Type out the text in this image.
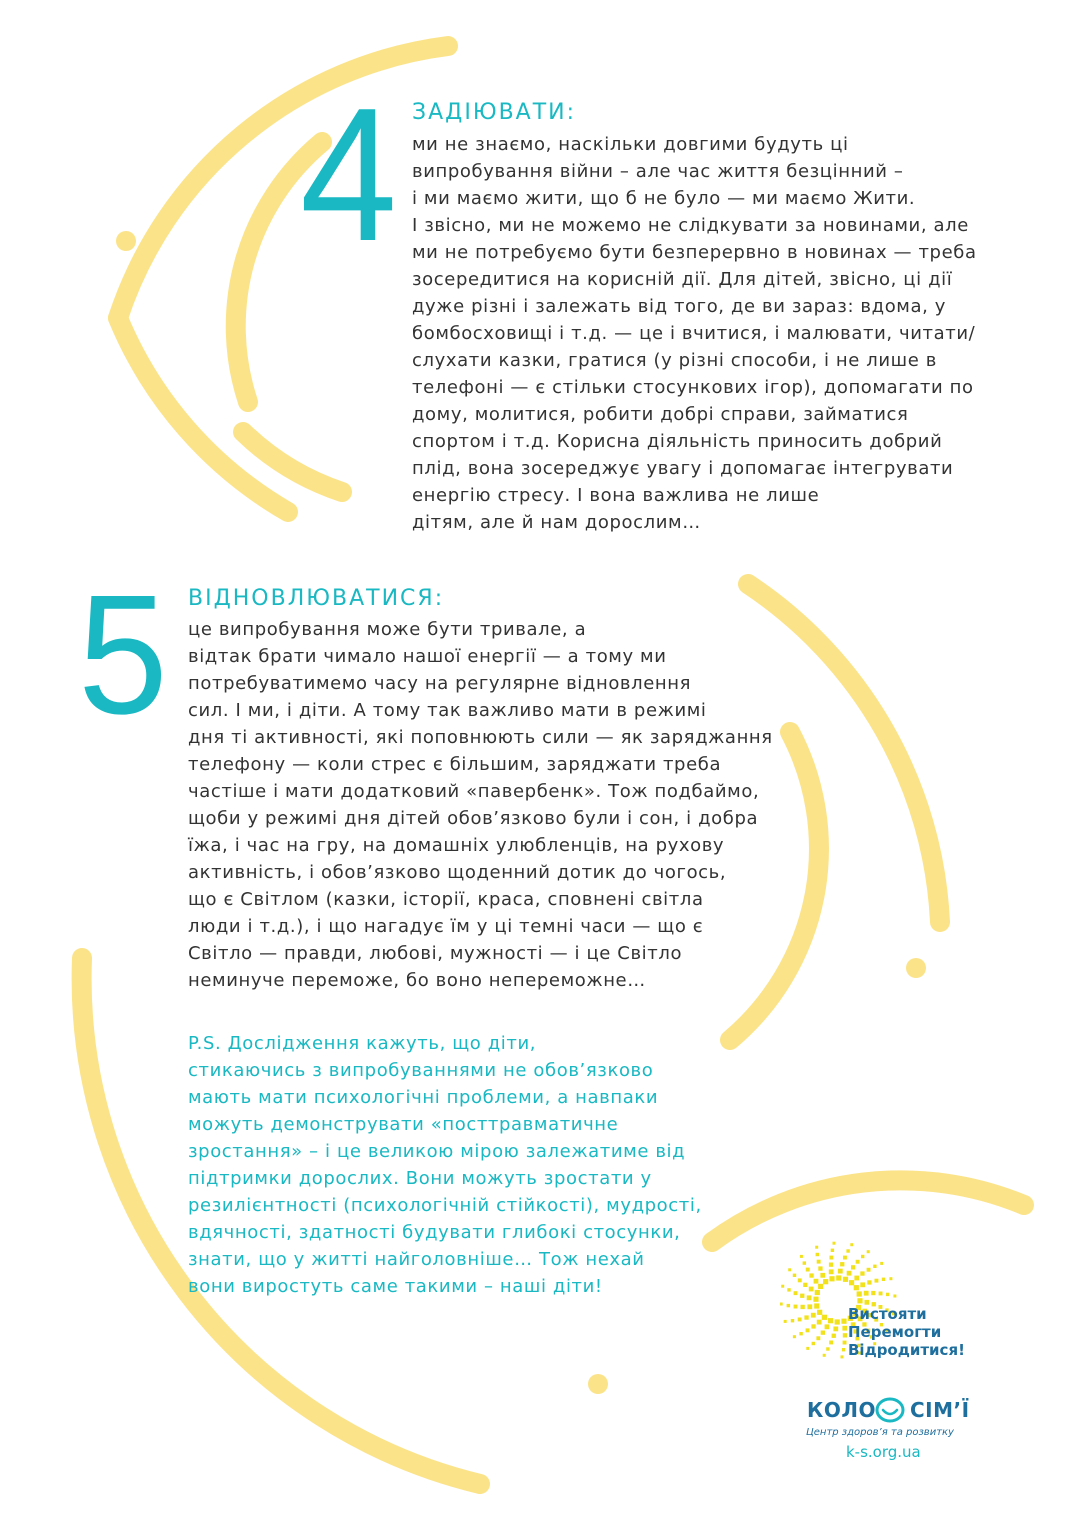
4 ЗАДІЮВАТИ:
ми не знаємо, наскільки довгими будуть ці
випробування війни – але час життя безцінний –
і ми маємо жити, що б не було — ми маємо Жити.
І звісно, ми не можемо не слідкувати за новинами, але
ми не потребуємо бути безперервно в новинах — треба
зосередитися на корисній дії. Для дітей, звісно, ці дії
дуже різні і залежать від того, де ви зараз: вдома, у
бомбосховищі і т.д. — це і вчитися, і малювати, читати/
слухати казки, гратися (у різні способи, і не лише в
телефоні — є стільки стосункових ігор), допомагати по
дому, молитися, робити добрі справи, займатися
спортом і т.д. Корисна діяльність приносить добрий
плід, вона зосереджує увагу і допомагає інтегрувати
енергію стресу. І вона важлива не лише
дітям, але й нам дорослим…
5 ВІДНОВЛЮВАТИСЯ:
це випробування може бути тривале, а
відтак брати чимало нашої енергії — а тому ми
потребуватимемо часу на регулярне відновлення
сил. І ми, і діти. А тому так важливо мати в режимі
дня ті активності, які поповнюють сили — як заряджання
телефону — коли стрес є більшим, заряджати треба
частіше і мати додатковий «павербенк». Тож подбаймо,
щоби у режимі дня дітей обов’язково були і сон, і добра
їжа, і час на гру, на домашніх улюбленців, на рухову
активність, і обов’язково щоденний дотик до чогось,
що є Світлом (казки, історії, краса, сповнені світла
люди і т.д.), і що нагадує їм у ці темні часи — що є
Світло — правди, любові, мужності — і це Світло
неминуче переможе, бо воно непереможне…
P.S. Дослідження кажуть, що діти,
стикаючись з випробуваннями не обов’язково
мають мати психологічні проблеми, а навпаки
можуть демонструвати «посттравматичне
зростання» – і це великою мірою залежатиме від
підтримки дорослих. Вони можуть зростати у
резилієнтності (психологічній стійкості), мудрості,
вдячності, здатності будувати глибокі стосунки,
знати, що у житті найголовніше… Тож нехай
вони виростуть саме такими – наші діти!
Вистояти
Перемогти
Відродитися!
КОЛО СІМ’Ї
Центр здоров’я та розвитку
k-s.org.ua
